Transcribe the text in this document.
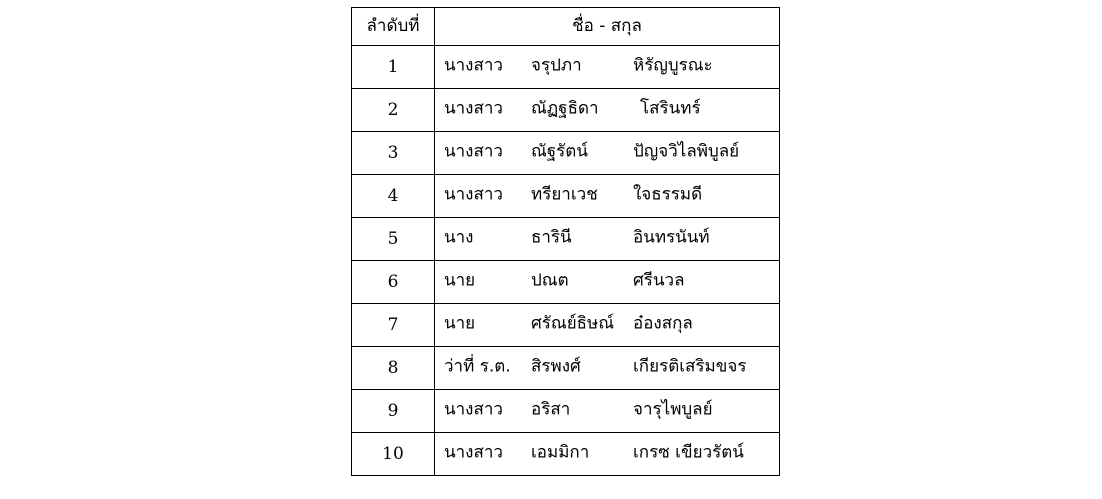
ลำดับที่	ชื่อ - สกุล
1	นางสาว จรุปภา หิรัญบูรณะ

2	นางสาว ณัฏฐธิดา โสรินทร์

3	นางสาว ณัฐรัตน์ ปัญจวิไลพิบูลย์

4	นางสาว ทรียาเวช ใจธรรมดี

5	นาง ธารินี อินทรนันท์

6	นาย ปณต ศรีนวล

7	นาย ศรัณย์ธิษณ์ อ๋องสกุล

8	ว่าที่ ร.ต. สิรพงศ์ เกียรติเสริมขจร

9	นางสาว อริสา จารุไพบูลย์

10	นางสาว เอมมิกา เกรซ เขียวรัตน์
